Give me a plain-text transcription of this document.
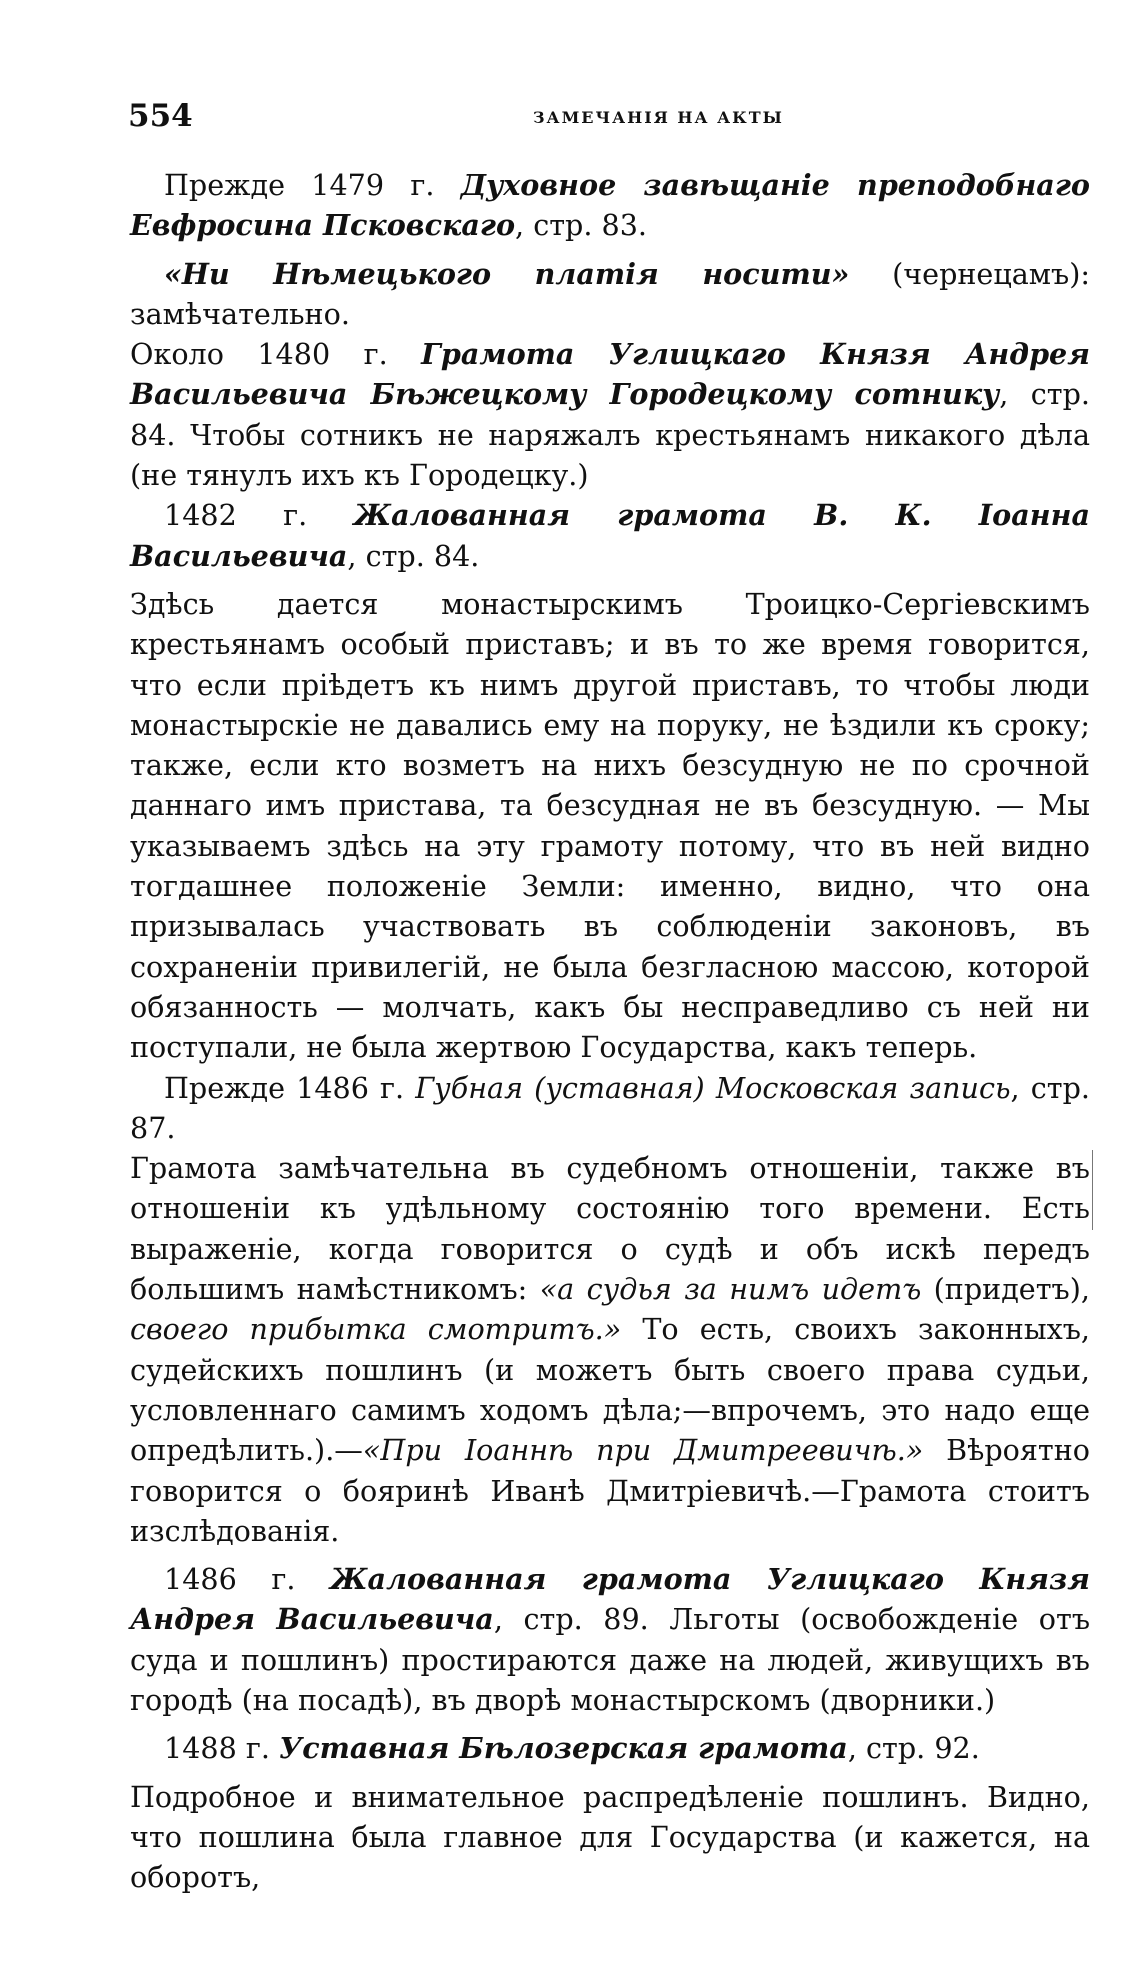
554	ЗАМЕЧАНІЯ НА АКТЫ

Прежде 1479 г. Духовное завѣщаніе преподобнаго Евфросина Псковскаго, стр. 83.

«Ни Нѣмецького платія носити» (чернецамъ): замѣчательно.

Около 1480 г. Грамота Углицкаго Князя Андрея Васильевича Бѣжецкому Городецкому сотнику, стр. 84. Чтобы сотникъ не наряжалъ крестьянамъ никакого дѣла (не тянулъ ихъ къ Городецку.)

1482 г. Жалованная грамота В. К. Іоанна Васильевича, стр. 84.

Здѣсь дается монастырскимъ Троицко-Сергіевскимъ крестьянамъ особый приставъ; и въ то же время говорится, что если пріѣдетъ къ нимъ другой приставъ, то чтобы люди монастырскіе не давались ему на поруку, не ѣздили къ сроку; также, если кто возметъ на нихъ безсудную не по срочной даннаго имъ пристава, та безсудная не въ безсудную. — Мы указываемъ здѣсь на эту грамоту потому, что въ ней видно тогдашнее положеніе Земли: именно, видно, что она призывалась участвовать въ соблюденіи законовъ, въ сохраненіи привилегій, не была безгласною массою, которой обязанность — молчать, какъ бы несправедливо съ ней ни поступали, не была жертвою Государства, какъ теперь.

Прежде 1486 г. Губная (уставная) Московская запись, стр. 87.

Грамота замѣчательна въ судебномъ отношеніи, также въ отношеніи къ удѣльному состоянію того времени. Есть выраженіе, когда говорится о судѣ и объ искѣ передъ большимъ намѣстникомъ: «а судья за нимъ идетъ (придетъ), своего прибытка смотритъ.» То есть, своихъ законныхъ, судейскихъ пошлинъ (и можетъ быть своего права судьи, условленнаго самимъ ходомъ дѣла;—впрочемъ, это надо еще опредѣлить.).—«При Іоаннѣ при Дмитреевичѣ.» Вѣроятно говорится о бояринѣ Иванѣ Дмитріевичѣ.—Грамота стоитъ изслѣдованія.

1486 г. Жалованная грамота Углицкаго Князя Андрея Васильевича, стр. 89. Льготы (освобожденіе отъ суда и пошлинъ) простираются даже на людей, живущихъ въ городѣ (на посадѣ), въ дворѣ монастырскомъ (дворники.)

1488 г. Уставная Бѣлозерская грамота, стр. 92.

Подробное и внимательное распредѣленіе пошлинъ. Видно, что пошлина была главное для Государства (и кажется, на оборотъ,
